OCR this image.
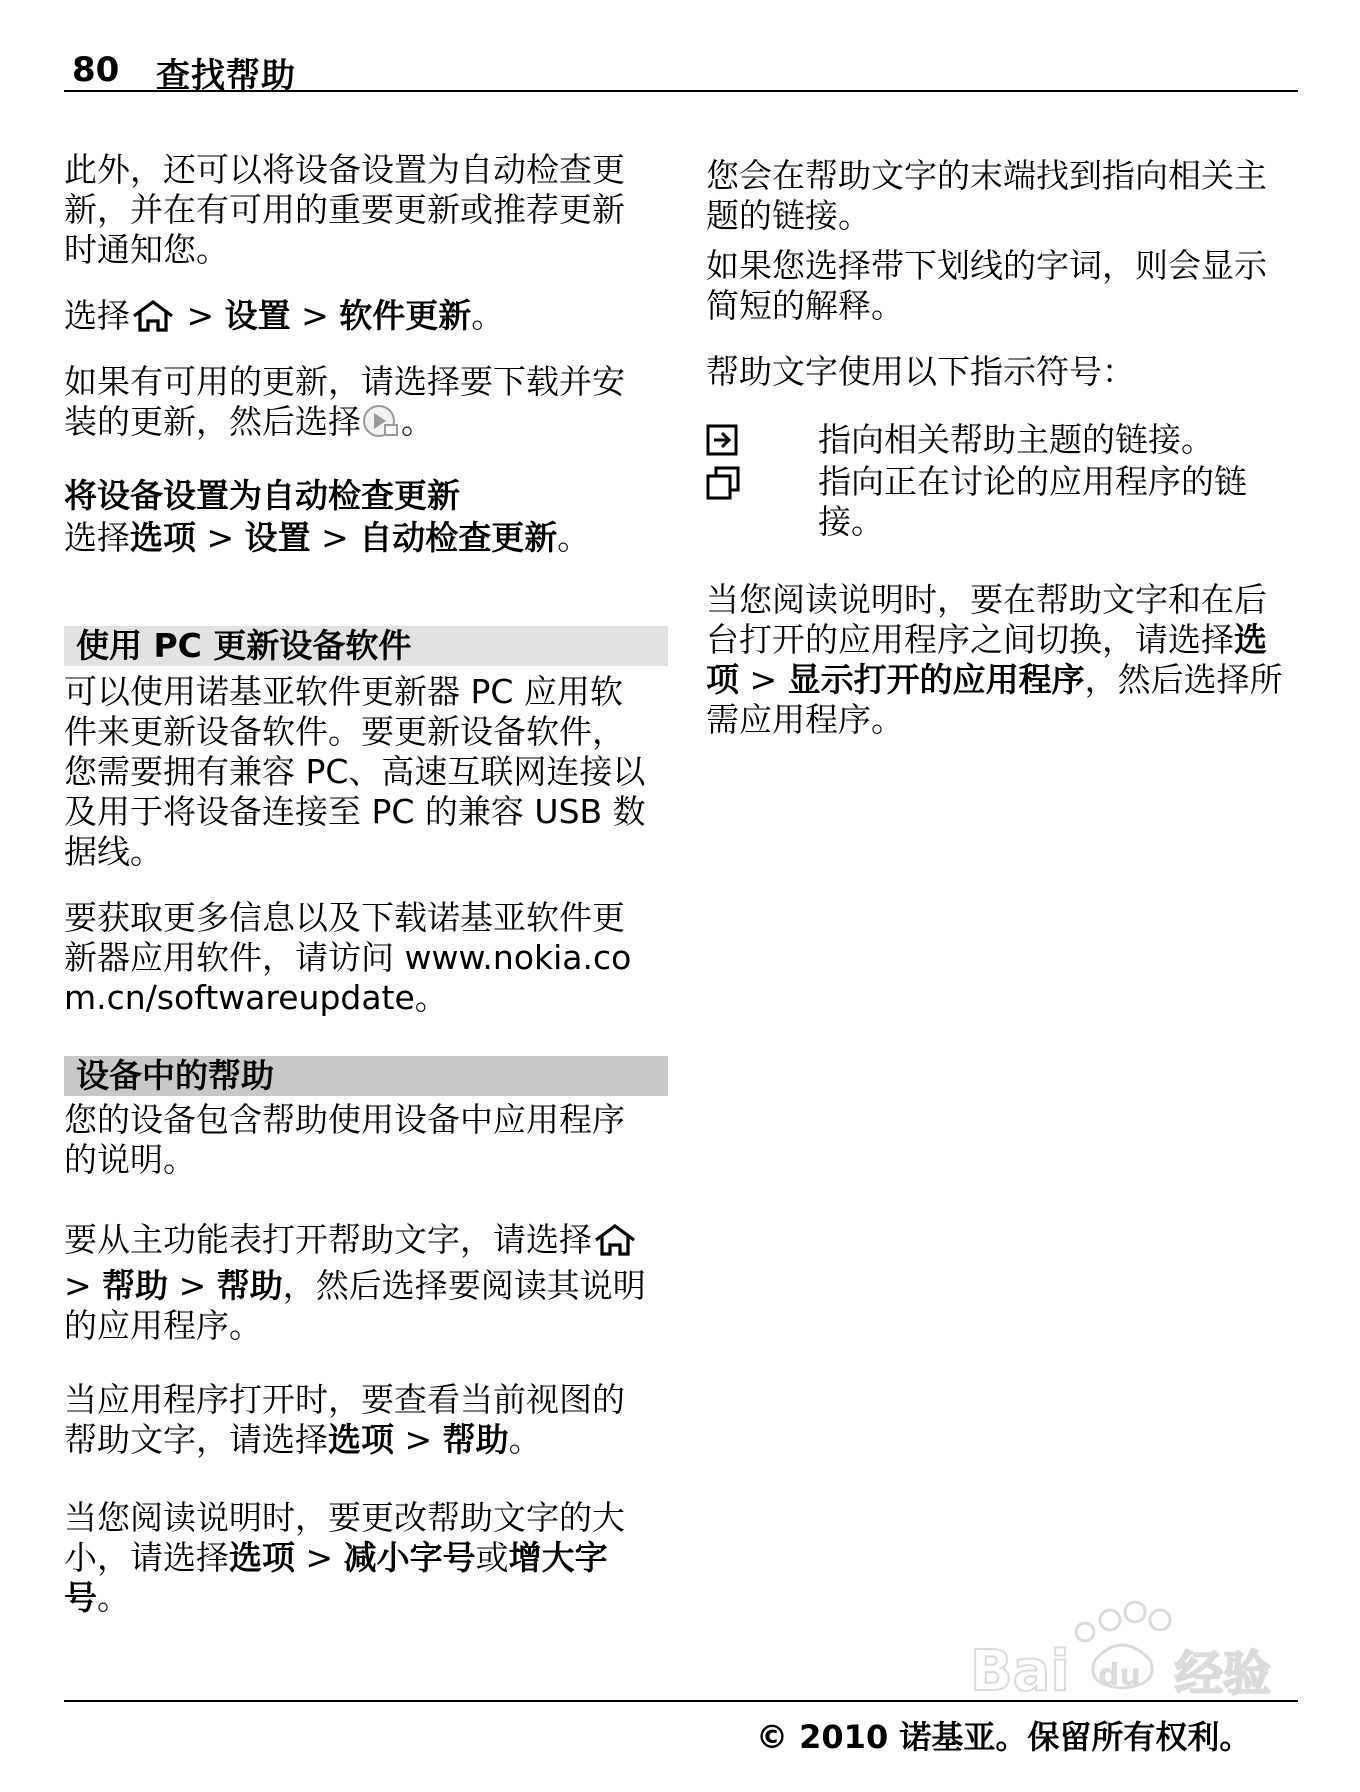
80 查找帮助

此外，还可以将设备设置为自动检查更新，并在有可用的重要更新或推荐更新时通知您。

选择 > 设置 > 软件更新。

如果有可用的更新，请选择要下载并安装的更新，然后选择 。

将设备设置为自动检查更新

选择选项 > 设置 > 自动检查更新。

使用 PC 更新设备软件

可以使用诺基亚软件更新器 PC 应用软件来更新设备软件。要更新设备软件，您需要拥有兼容 PC、高速互联网连接以及用于将设备连接至 PC 的兼容 USB 数据线。

要获取更多信息以及下载诺基亚软件更新器应用软件，请访问 www.nokia.com.cn/softwareupdate。

设备中的帮助

您的设备包含帮助使用设备中应用程序的说明。

要从主功能表打开帮助文字，请选择 > 帮助 > 帮助，然后选择要阅读其说明的应用程序。

当应用程序打开时，要查看当前视图的帮助文字，请选择选项 > 帮助。

当您阅读说明时，要更改帮助文字的大小，请选择选项 > 减小字号或增大字号。

您会在帮助文字的末端找到指向相关主题的链接。

如果您选择带下划线的字词，则会显示简短的解释。

帮助文字使用以下指示符号：

指向相关帮助主题的链接。
指向正在讨论的应用程序的链接。

当您阅读说明时，要在帮助文字和在后台打开的应用程序之间切换，请选择选项 > 显示打开的应用程序，然后选择所需应用程序。

Bai du 经验
© 2010 诺基亚。保留所有权利。
